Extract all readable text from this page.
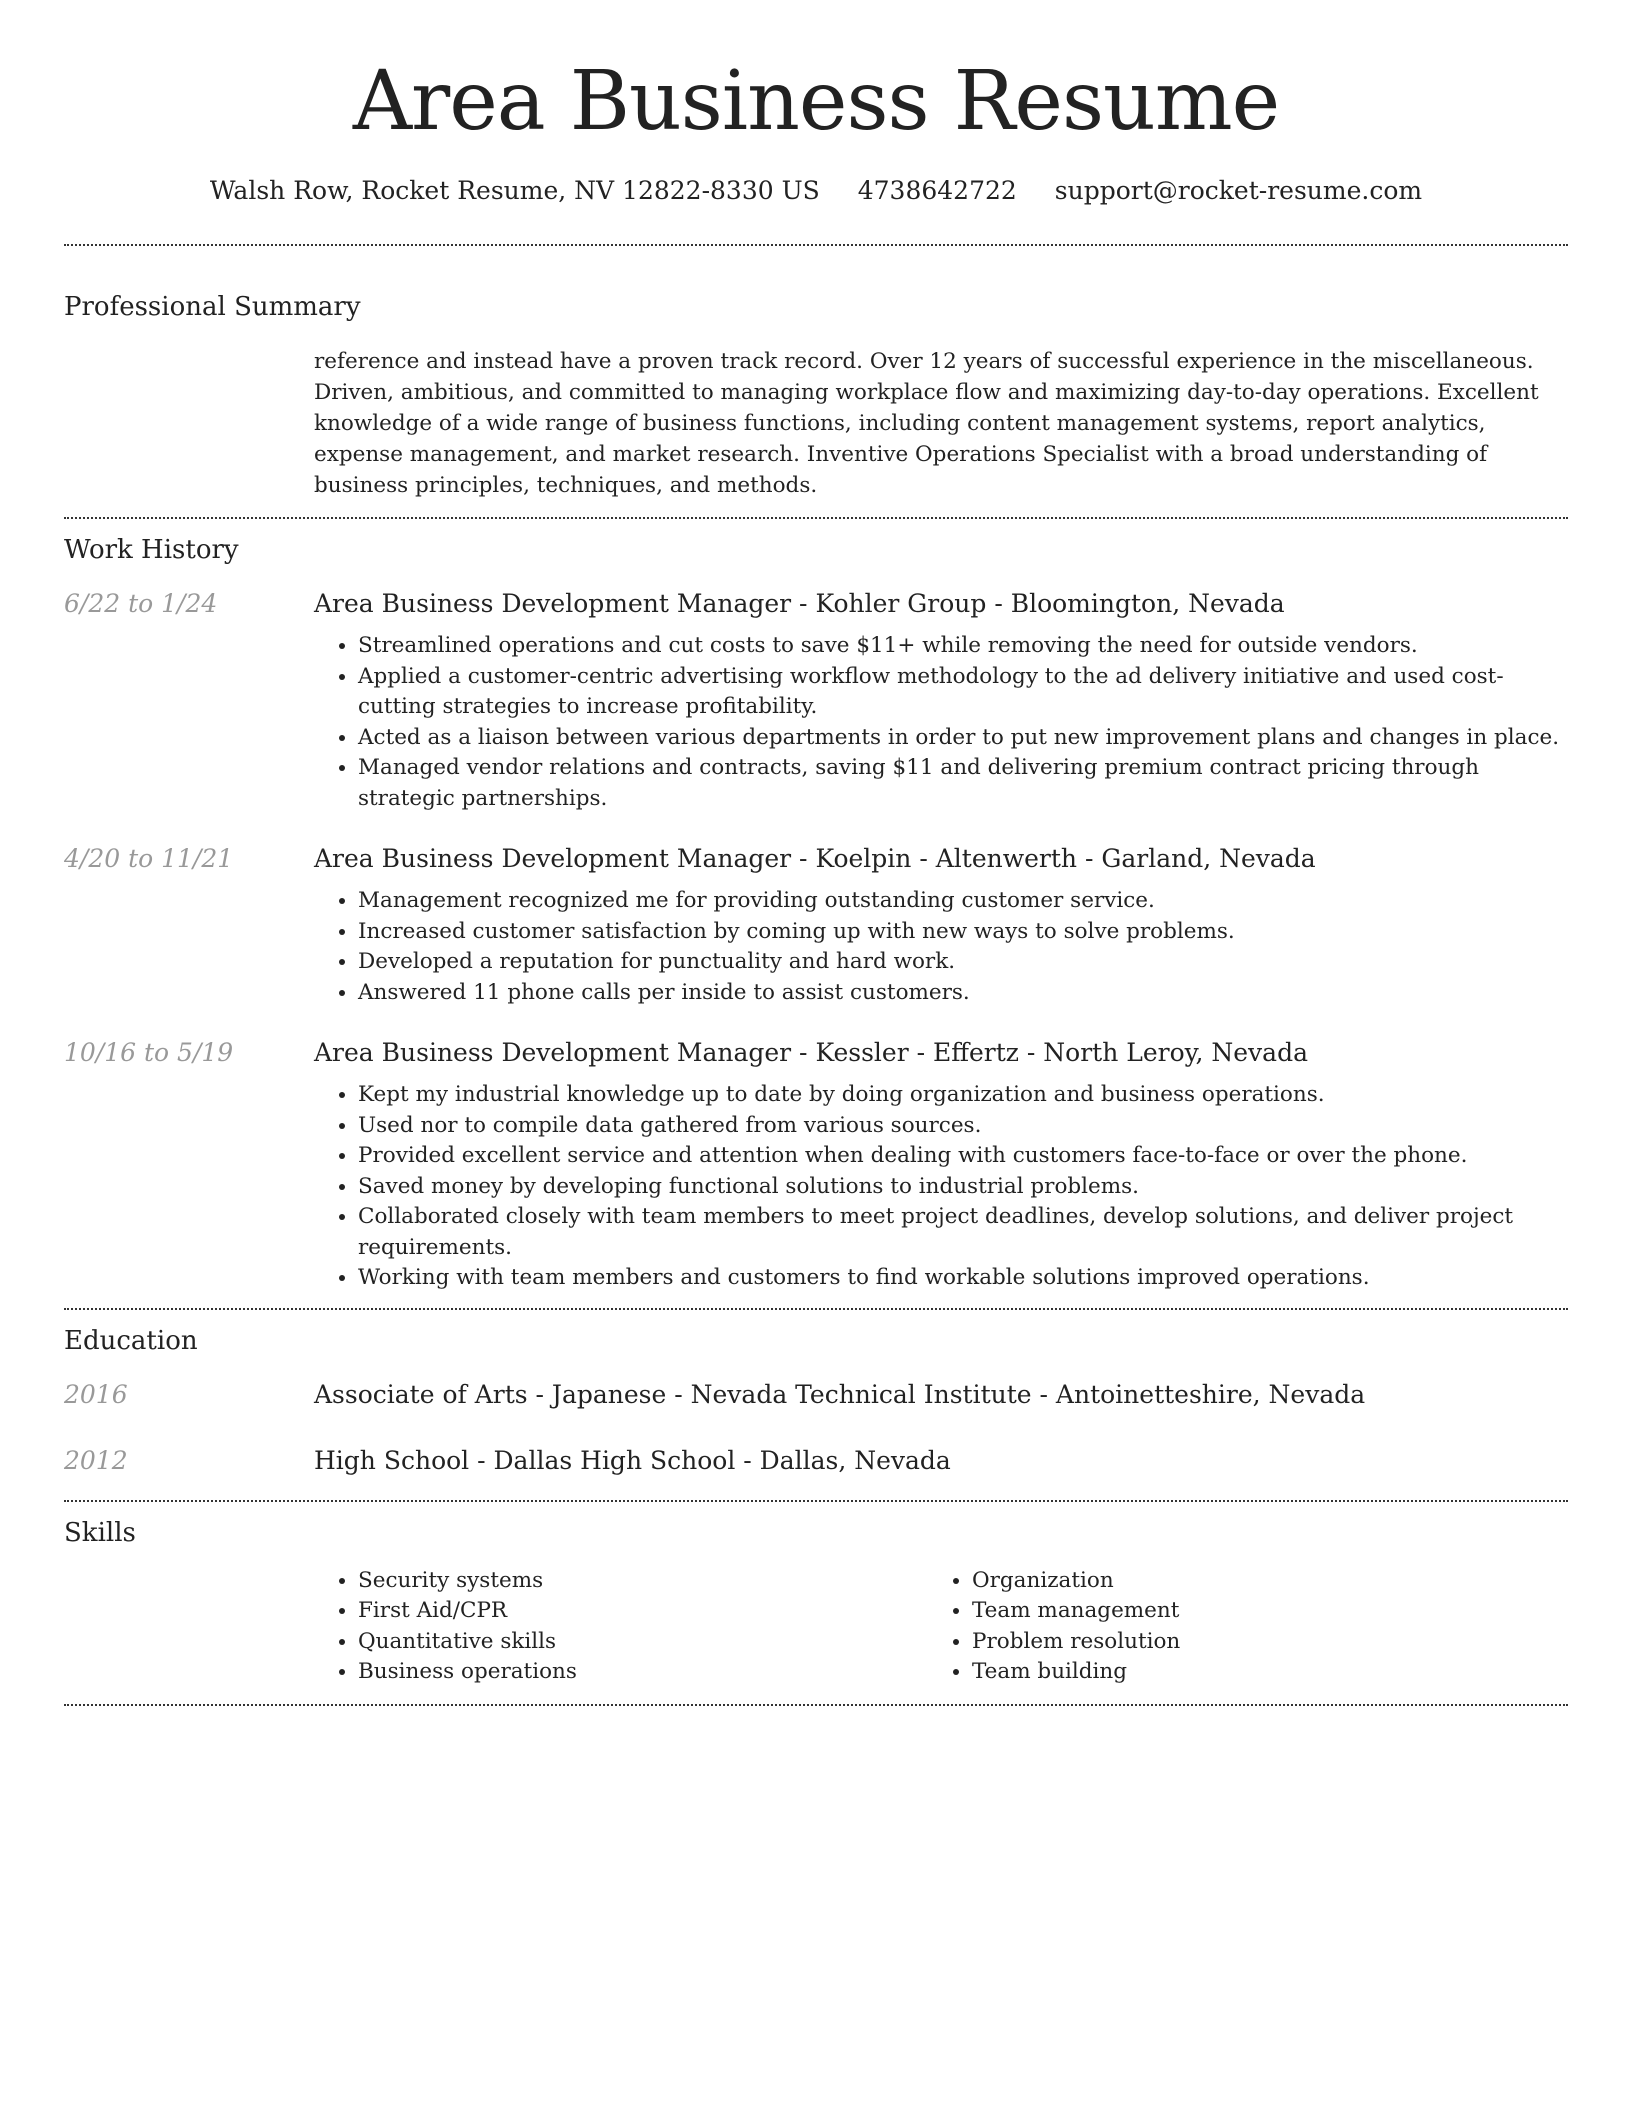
Area Business Resume
Walsh Row, Rocket Resume, NV 12822-8330 US 4738642722 support@rocket-resume.com
Professional Summary
reference and instead have a proven track record. Over 12 years of successful experience in the miscellaneous. Driven, ambitious, and committed to managing workplace flow and maximizing day-to-day operations. Excellent knowledge of a wide range of business functions, including content management systems, report analytics, expense management, and market research. Inventive Operations Specialist with a broad understanding of business principles, techniques, and methods.
Work History
6/22 to 1/24	Area Business Development Manager - Kohler Group - Bloomington, Nevada
• Streamlined operations and cut costs to save $11+ while removing the need for outside vendors.
• Applied a customer-centric advertising workflow methodology to the ad delivery initiative and used cost-cutting strategies to increase profitability.
• Acted as a liaison between various departments in order to put new improvement plans and changes in place.
• Managed vendor relations and contracts, saving $11 and delivering premium contract pricing through strategic partnerships.
4/20 to 11/21	Area Business Development Manager - Koelpin - Altenwerth - Garland, Nevada
• Management recognized me for providing outstanding customer service.
• Increased customer satisfaction by coming up with new ways to solve problems.
• Developed a reputation for punctuality and hard work.
• Answered 11 phone calls per inside to assist customers.
10/16 to 5/19	Area Business Development Manager - Kessler - Effertz - North Leroy, Nevada
• Kept my industrial knowledge up to date by doing organization and business operations.
• Used nor to compile data gathered from various sources.
• Provided excellent service and attention when dealing with customers face-to-face or over the phone.
• Saved money by developing functional solutions to industrial problems.
• Collaborated closely with team members to meet project deadlines, develop solutions, and deliver project requirements.
• Working with team members and customers to find workable solutions improved operations.
Education
2016	Associate of Arts - Japanese - Nevada Technical Institute - Antoinetteshire, Nevada
2012	High School - Dallas High School - Dallas, Nevada
Skills
• Security systems
• First Aid/CPR
• Quantitative skills
• Business operations
• Organization
• Team management
• Problem resolution
• Team building
